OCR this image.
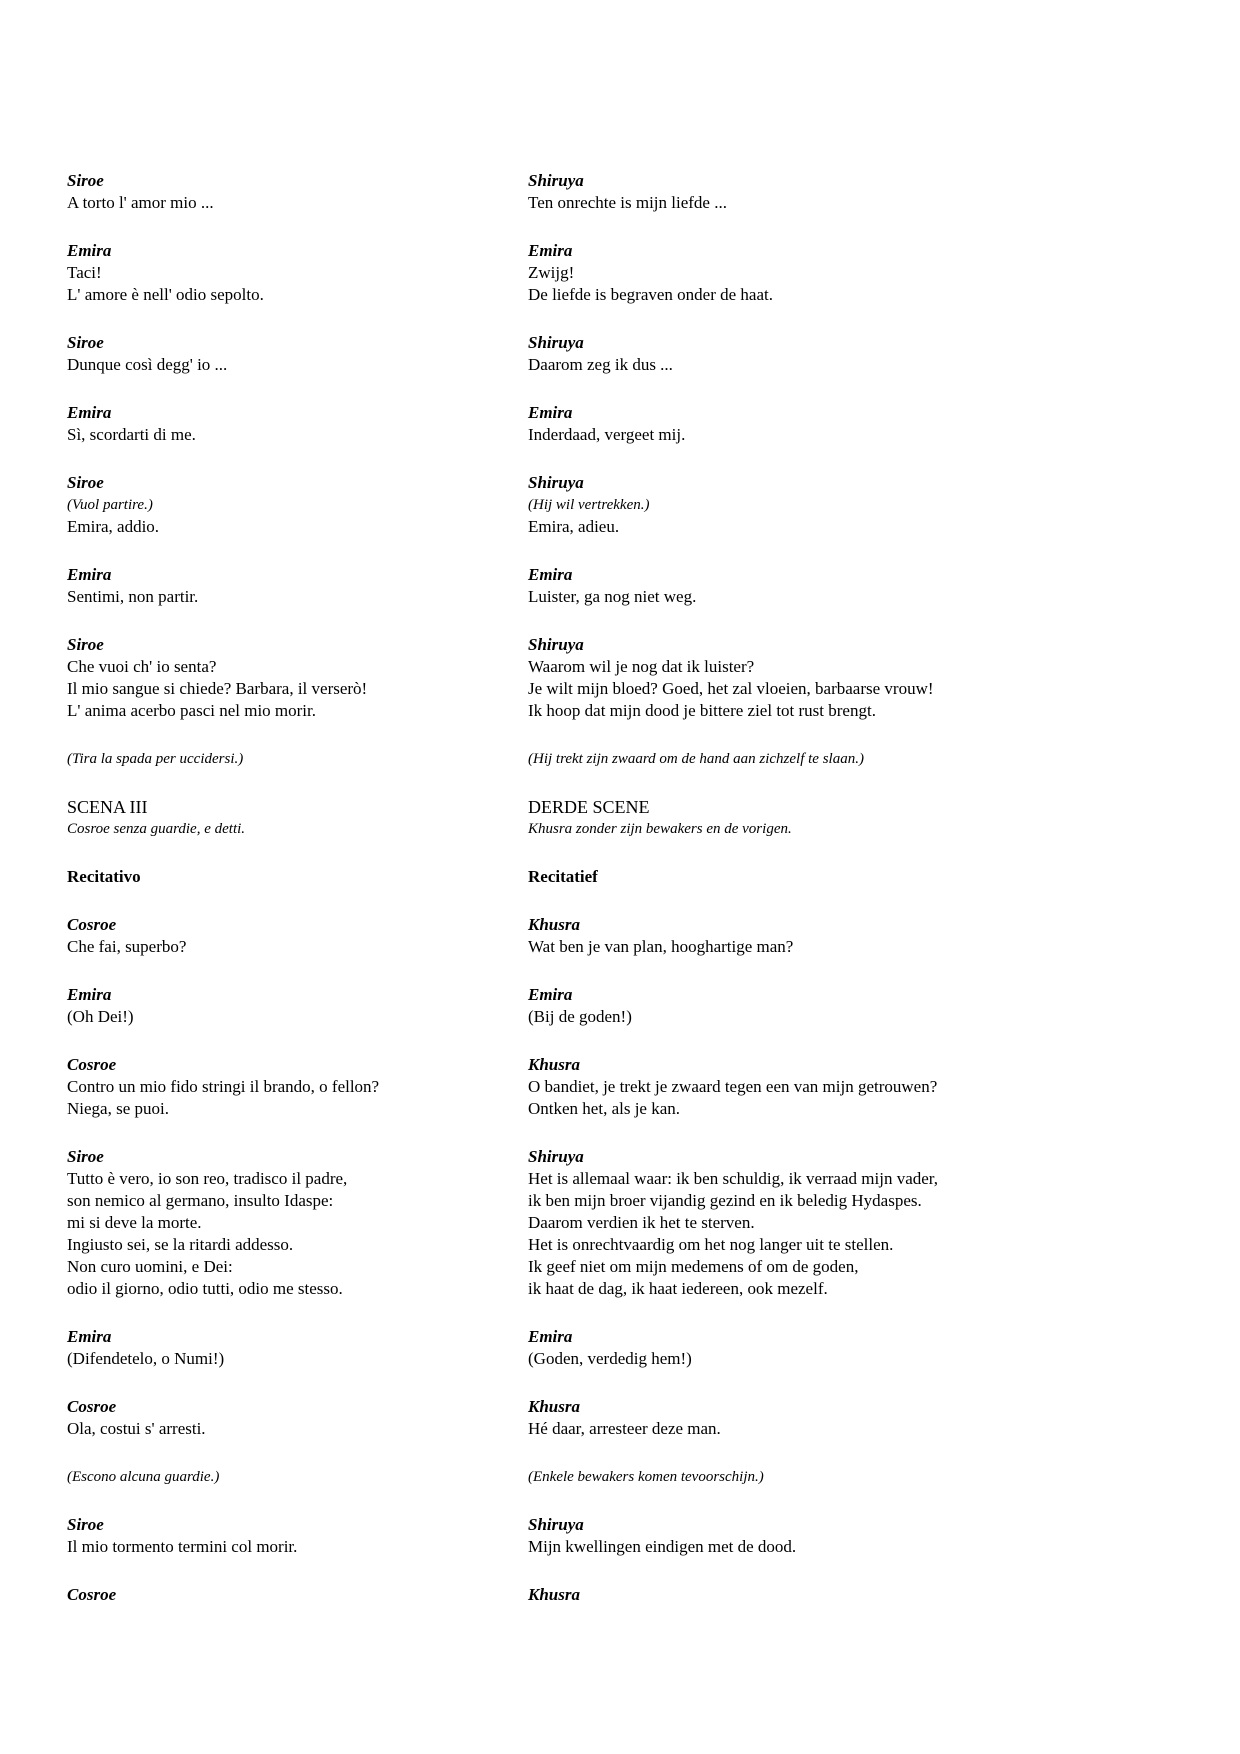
Siroe
A torto l' amor mio ...
Emira
Taci!
L' amore è nell' odio sepolto.
Siroe
Dunque così degg' io ...
Emira
Sì, scordarti di me.
Siroe
(Vuol partire.)
Emira, addio.
Emira
Sentimi, non partir.
Siroe
Che vuoi ch' io senta?
Il mio sangue si chiede? Barbara, il verserò!
L' anima acerbo pasci nel mio morir.
(Tira la spada per uccidersi.)
SCENA III
Cosroe senza guardie, e detti.
Recitativo
Cosroe
Che fai, superbo?
Emira
(Oh Dei!)
Cosroe
Contro un mio fido stringi il brando, o fellon?
Niega, se puoi.
Siroe
Tutto è vero, io son reo, tradisco il padre,
son nemico al germano, insulto Idaspe:
mi si deve la morte.
Ingiusto sei, se la ritardi addesso.
Non curo uomini, e Dei:
odio il giorno, odio tutti, odio me stesso.
Emira
(Difendetelo, o Numi!)
Cosroe
Ola, costui s' arresti.
(Escono alcuna guardie.)
Siroe
Il mio tormento termini col morir.
Cosroe
Shiruya
Ten onrechte is mijn liefde ...
Emira
Zwijg!
De liefde is begraven onder de haat.
Shiruya
Daarom zeg ik dus ...
Emira
Inderdaad, vergeet mij.
Shiruya
(Hij wil vertrekken.)
Emira, adieu.
Emira
Luister, ga nog niet weg.
Shiruya
Waarom wil je nog dat ik luister?
Je wilt mijn bloed? Goed, het zal vloeien, barbaarse vrouw!
Ik hoop dat mijn dood je bittere ziel tot rust brengt.
(Hij trekt zijn zwaard om de hand aan zichzelf te slaan.)
DERDE SCENE
Khusra zonder zijn bewakers en de vorigen.
Recitatief
Khusra
Wat ben je van plan, hooghartige man?
Emira
(Bij de goden!)
Khusra
O bandiet, je trekt je zwaard tegen een van mijn getrouwen?
Ontken het, als je kan.
Shiruya
Het is allemaal waar: ik ben schuldig, ik verraad mijn vader,
ik ben mijn broer vijandig gezind en ik beledig Hydaspes.
Daarom verdien ik het te sterven.
Het is onrechtvaardig om het nog langer uit te stellen.
Ik geef niet om mijn medemens of om de goden,
ik haat de dag, ik haat iedereen, ook mezelf.
Emira
(Goden, verdedig hem!)
Khusra
Hé daar, arresteer deze man.
(Enkele bewakers komen tevoorschijn.)
Shiruya
Mijn kwellingen eindigen met de dood.
Khusra
